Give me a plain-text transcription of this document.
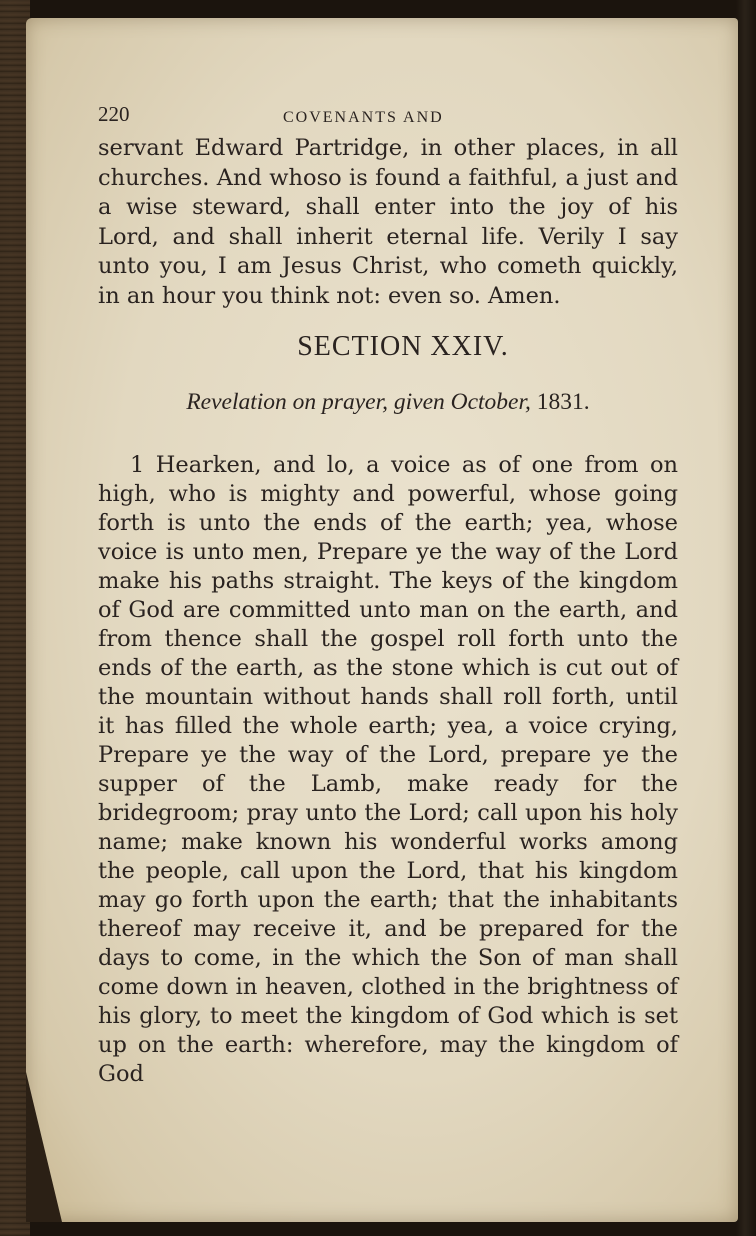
220	COVENANTS AND

servant Edward Partridge, in other places, in all churches. And whoso is found a faithful, a just and a wise steward, shall enter into the joy of his Lord, and shall inherit eternal life. Verily I say unto you, I am Jesus Christ, who cometh quickly, in an hour you think not: even so. Amen.

SECTION XXIV.
Revelation on prayer, given October, 1831.

1 Hearken, and lo, a voice as of one from on high, who is mighty and powerful, whose going forth is unto the ends of the earth; yea, whose voice is unto men, Prepare ye the way of the Lord make his paths straight. The keys of the kingdom of God are committed unto man on the earth, and from thence shall the gospel roll forth unto the ends of the earth, as the stone which is cut out of the mountain without hands shall roll forth, until it has filled the whole earth; yea, a voice crying, Prepare ye the way of the Lord, prepare ye the supper of the Lamb, make ready for the bridegroom; pray unto the Lord; call upon his holy name; make known his wonderful works among the people, call upon the Lord, that his kingdom may go forth upon the earth; that the inhabitants thereof may receive it, and be prepared for the days to come, in the which the Son of man shall come down in heaven, clothed in the brightness of his glory, to meet the kingdom of God which is set up on the earth: wherefore, may the kingdom of God
